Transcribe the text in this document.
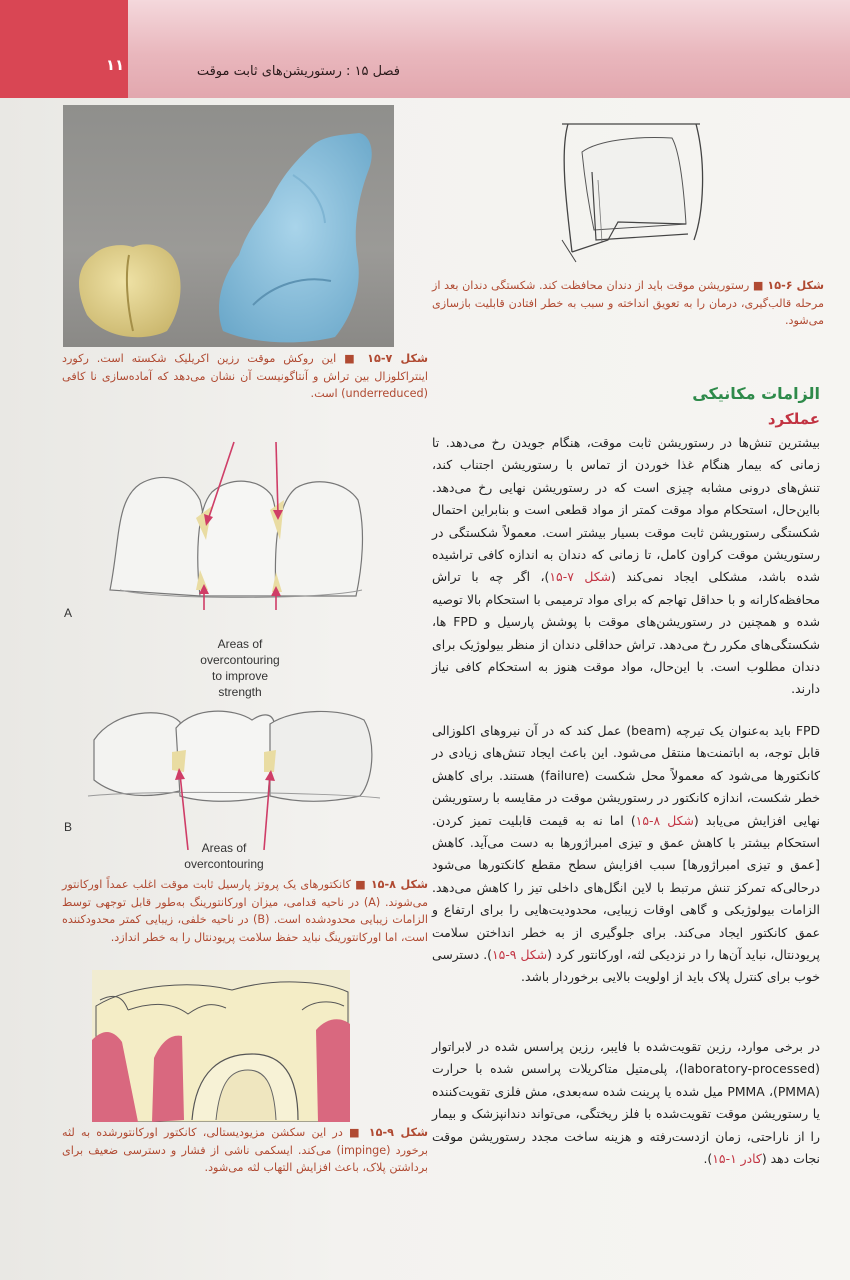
۱۱	فصل ۱۵ : رستوریشن‌های ثابت موقت
شکل ۶-۱۵ ■ رستوریشن موقت باید از دندان محافظت کند. شکستگی دندان بعد از مرحله قالب‌گیری، درمان را به تعویق انداخته و سبب به خطر افتادن قابلیت بازسازی می‌شود.
شکل ۷-۱۵ ■ این روکش موقت رزین اکریلیک شکسته است. رکورد اینتراکلوزال بین تراش و آنتاگونیست آن نشان می‌دهد که آماده‌سازی نا کافی (underreduced) است.
A
Areas of
overcontouring
to improve
strength
B
Areas of
overcontouring
شکل ۸-۱۵ ■ کانکتورهای یک پروتز پارسیل ثابت موقت اغلب عمداً اورکانتور می‌شوند. (A) در ناحیه قدامی، میزان اورکانتورینگ به‌طور قابل توجهی توسط الزامات زیبایی محدودشده است. (B) در ناحیه خلفی، زیبایی کمتر محدودکننده است، اما اورکانتورینگ نباید حفظ سلامت پریودنتال را به خطر اندازد.
شکل ۹-۱۵ ■ در این سکشن مزیودیستالی، کانکتور اورکانتورشده به لثه برخورد (impinge) می‌کند. ایسکمی ناشی از فشار و دسترسی ضعیف برای برداشتن پلاک، باعث افزایش التهاب لثه می‌شود.
الزامات مکانیکی
عملکرد
بیشترین تنش‌ها در رستوریشن ثابت موقت، هنگام جویدن رخ می‌دهد. تا زمانی که بیمار هنگام غذا خوردن از تماس با رستوریشن اجتناب کند، تنش‌های درونی مشابه چیزی است که در رستوریشن نهایی رخ می‌دهد. بااین‌حال، استحکام مواد موقت کمتر از مواد قطعی است و بنابراین احتمال شکستگی رستوریشن ثابت موقت بسیار بیشتر است. معمولاً شکستگی در رستوریشن موقت کراون کامل، تا زمانی که دندان به اندازه کافی تراشیده شده باشد، مشکلی ایجاد نمی‌کند (شکل ۷-۱۵)، اگر چه با تراش محافظه‌کارانه و با حداقل تهاجم که برای مواد ترمیمی با استحکام بالا توصیه شده و همچنین در رستوریشن‌های موقت با پوشش پارسیل و FPD ها، شکستگی‌های مکرر رخ می‌دهد. تراش حداقلی دندان از منظر بیولوژیک برای دندان مطلوب است. با این‌حال، مواد موقت هنوز به استحکام کافی نیاز دارند.
FPD باید به‌عنوان یک تیرچه (beam) عمل کند که در آن نیروهای اکلوزالی قابل توجه، به اباتمنت‌ها منتقل می‌شود. این باعث ایجاد تنش‌های زیادی در کانکتورها می‌شود که معمولاً محل شکست (failure) هستند. برای کاهش خطر شکست، اندازه کانکتور در رستوریشن موقت در مقایسه با رستوریشن نهایی افزایش می‌یابد (شکل ۸-۱۵) اما نه به قیمت قابلیت تمیز کردن. استحکام بیشتر با کاهش عمق و تیزی امبراژورها به دست می‌آید. کاهش [عمق و تیزی امبراژورها] سبب افزایش سطح مقطع کانکتورها می‌شود درحالی‌که تمرکز تنش مرتبط با لاین انگل‌های داخلی تیز را کاهش می‌دهد. الزامات بیولوژیکی و گاهی اوقات زیبایی، محدودیت‌هایی را برای ارتفاع و عمق کانکتور ایجاد می‌کند. برای جلوگیری از به خطر انداختن سلامت پریودنتال، نباید آن‌ها را در نزدیکی لثه، اورکانتور کرد (شکل ۹-۱۵). دسترسی خوب برای کنترل پلاک باید از اولویت بالایی برخوردار باشد.
در برخی موارد، رزین تقویت‌شده با فایبر، رزین پراسس شده در لابراتوار (laboratory-processed)، پلی‌متیل متاکریلات پراسس شده با حرارت (PMMA)، PMMA میل شده یا پرینت شده سه‌بعدی، مش فلزی تقویت‌کننده یا رستوریشن موقت تقویت‌شده با فلز ریختگی، می‌تواند دندانپزشک و بیمار را از ناراحتی، زمان ازدست‌رفته و هزینه ساخت مجدد رستوریشن موقت نجات دهد (کادر ۱-۱۵).
